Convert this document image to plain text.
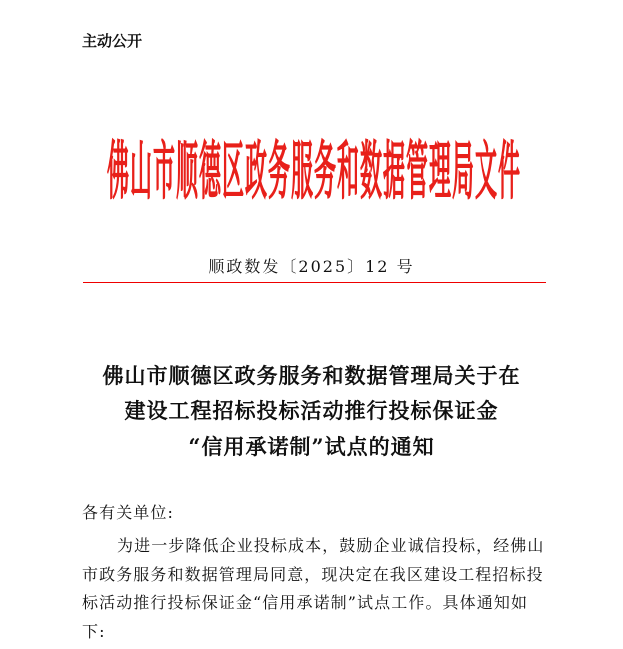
主动公开
佛山市顺德区政务服务和数据管理局文件
顺政数发〔2025〕12 号
佛山市顺德区政务服务和数据管理局关于在
建设工程招标投标活动推行投标保证金
“信用承诺制”试点的通知
各有关单位:
为进一步降低企业投标成本，鼓励企业诚信投标，经佛山
市政务服务和数据管理局同意，现决定在我区建设工程招标投
标活动推行投标保证金“信用承诺制”试点工作。具体通知如
下:
